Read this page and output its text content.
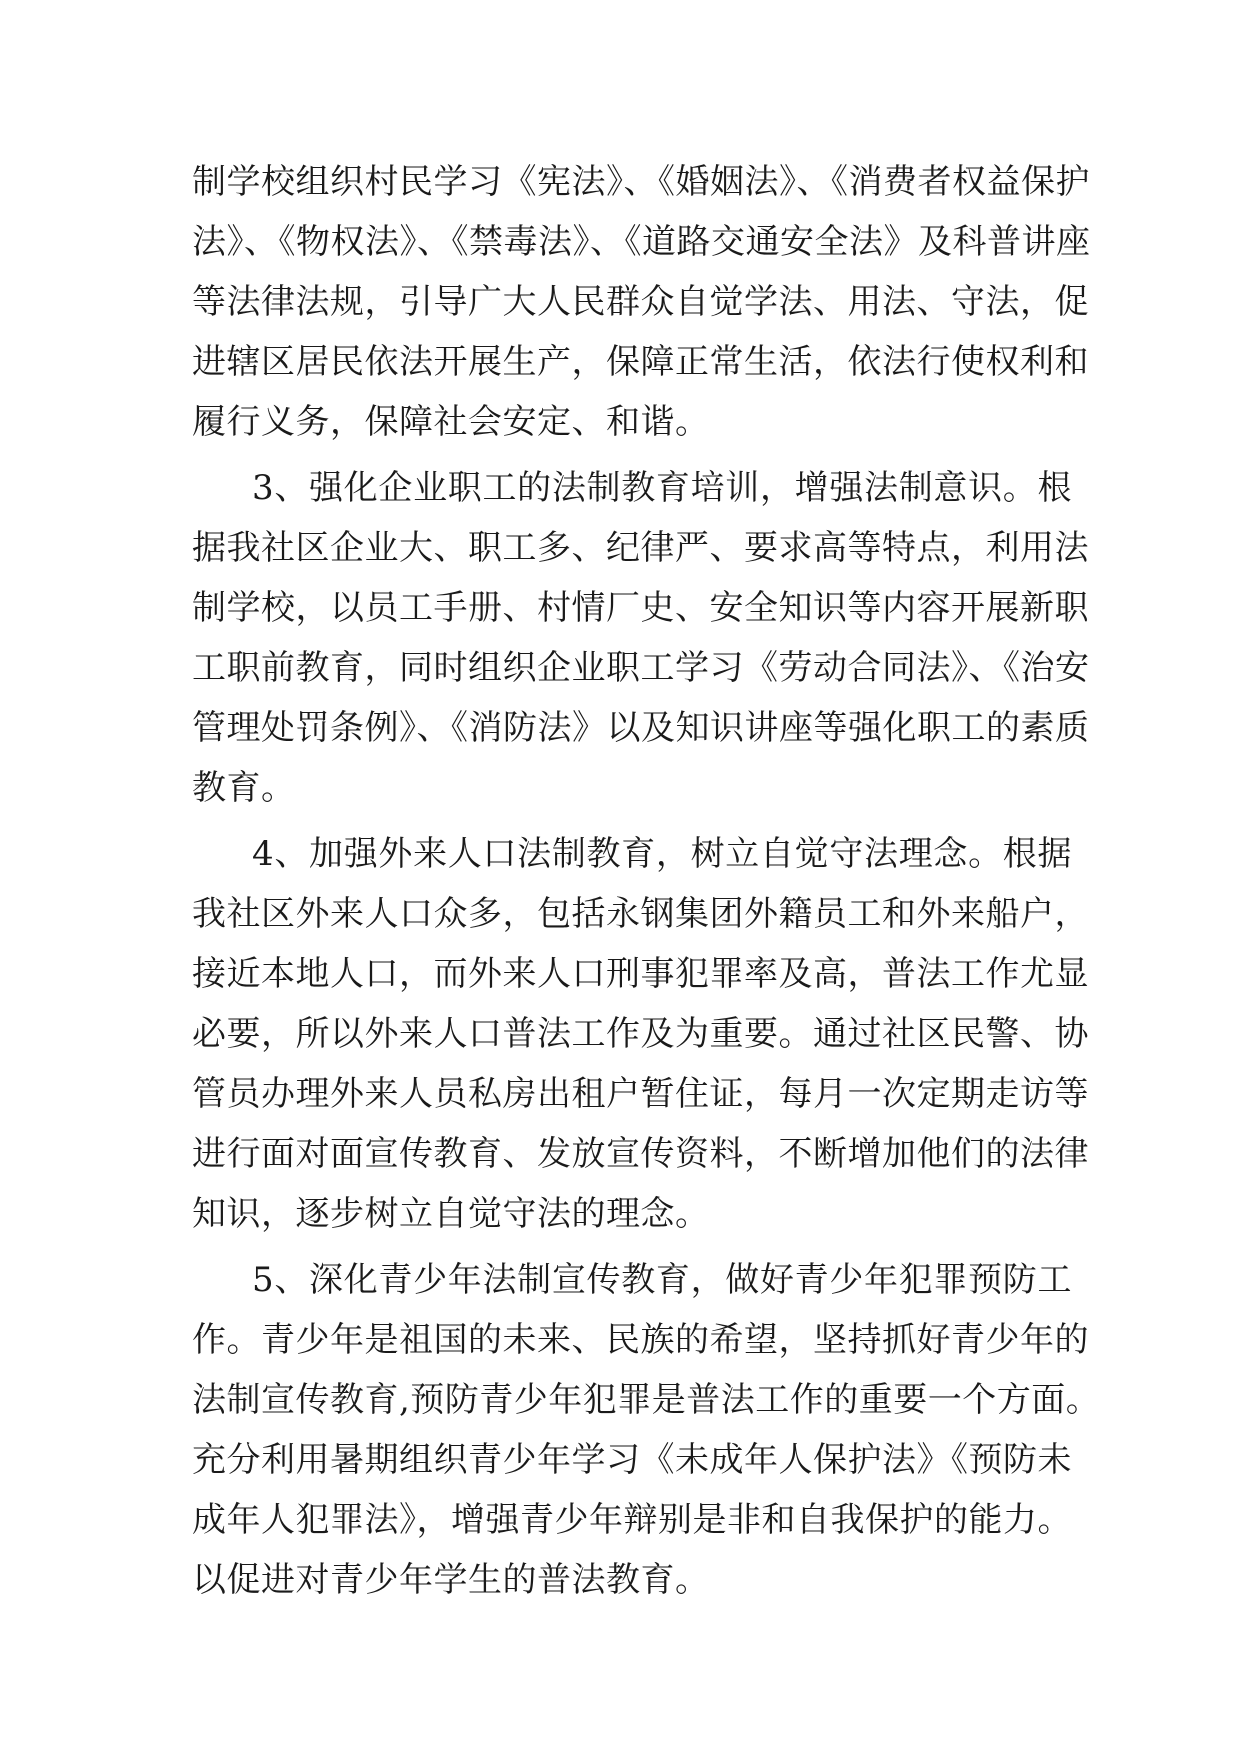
制学校组织村民学习《宪法》、《婚姻法》、《消费者权益保护
法》、《物权法》、《禁毒法》、《道路交通安全法》及科普讲座
等法律法规，引导广大人民群众自觉学法、用法、守法，促
进辖区居民依法开展生产，保障正常生活，依法行使权利和
履行义务，保障社会安定、和谐。
3、强化企业职工的法制教育培训，增强法制意识。根
据我社区企业大、职工多、纪律严、要求高等特点，利用法
制学校，以员工手册、村情厂史、安全知识等内容开展新职
工职前教育，同时组织企业职工学习《劳动合同法》、《治安
管理处罚条例》、《消防法》以及知识讲座等强化职工的素质
教育。
4、加强外来人口法制教育，树立自觉守法理念。根据
我社区外来人口众多，包括永钢集团外籍员工和外来船户，
接近本地人口，而外来人口刑事犯罪率及高，普法工作尤显
必要，所以外来人口普法工作及为重要。通过社区民警、协
管员办理外来人员私房出租户暂住证，每月一次定期走访等
进行面对面宣传教育、发放宣传资料，不断增加他们的法律
知识，逐步树立自觉守法的理念。
5、深化青少年法制宣传教育，做好青少年犯罪预防工
作。青少年是祖国的未来、民族的希望，坚持抓好青少年的
法制宣传教育,预防青少年犯罪是普法工作的重要一个方面。
充分利用暑期组织青少年学习《未成年人保护法》《预防未
成年人犯罪法》，增强青少年辩别是非和自我保护的能力。
以促进对青少年学生的普法教育。
